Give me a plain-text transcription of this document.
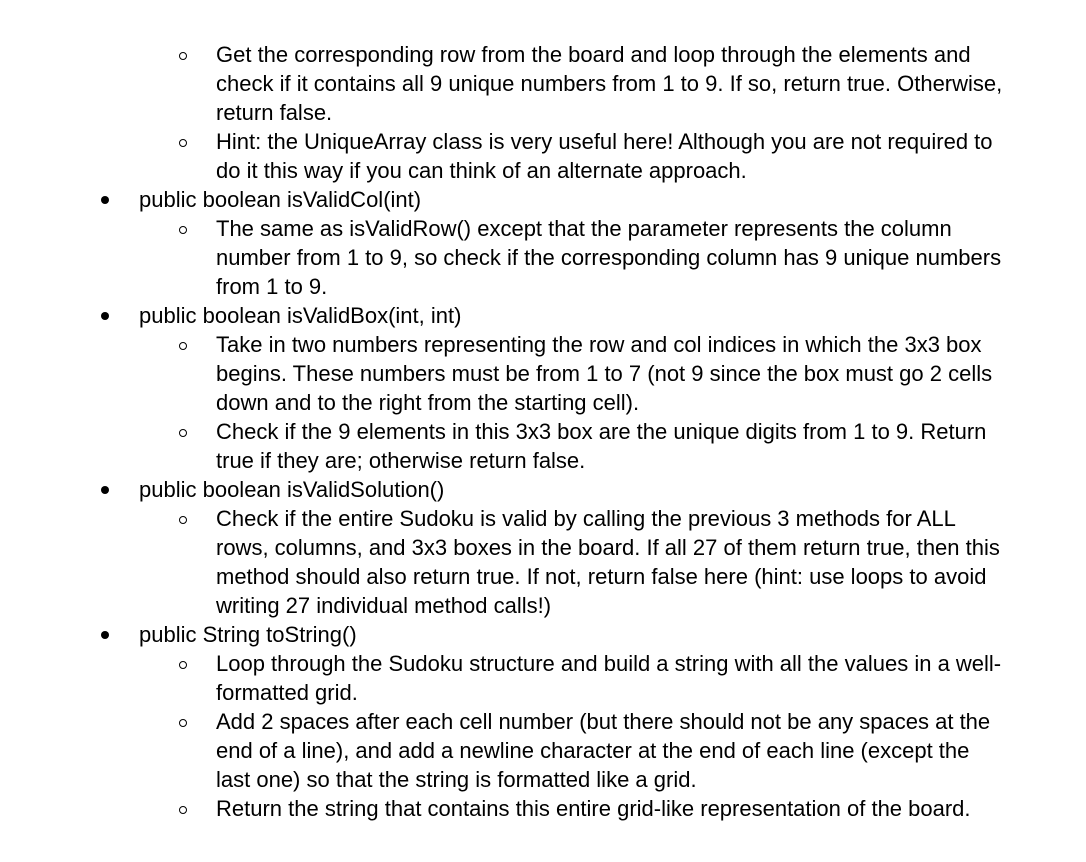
Get the corresponding row from the board and loop through the elements and
check if it contains all 9 unique numbers from 1 to 9. If so, return true. Otherwise,
return false.
Hint: the UniqueArray class is very useful here! Although you are not required to
do it this way if you can think of an alternate approach.
public boolean isValidCol(int)
The same as isValidRow() except that the parameter represents the column
number from 1 to 9, so check if the corresponding column has 9 unique numbers
from 1 to 9.
public boolean isValidBox(int, int)
Take in two numbers representing the row and col indices in which the 3x3 box
begins. These numbers must be from 1 to 7 (not 9 since the box must go 2 cells
down and to the right from the starting cell).
Check if the 9 elements in this 3x3 box are the unique digits from 1 to 9. Return
true if they are; otherwise return false.
public boolean isValidSolution()
Check if the entire Sudoku is valid by calling the previous 3 methods for ALL
rows, columns, and 3x3 boxes in the board. If all 27 of them return true, then this
method should also return true. If not, return false here (hint: use loops to avoid
writing 27 individual method calls!)
public String toString()
Loop through the Sudoku structure and build a string with all the values in a well-
formatted grid.
Add 2 spaces after each cell number (but there should not be any spaces at the
end of a line), and add a newline character at the end of each line (except the
last one) so that the string is formatted like a grid.
Return the string that contains this entire grid-like representation of the board.
